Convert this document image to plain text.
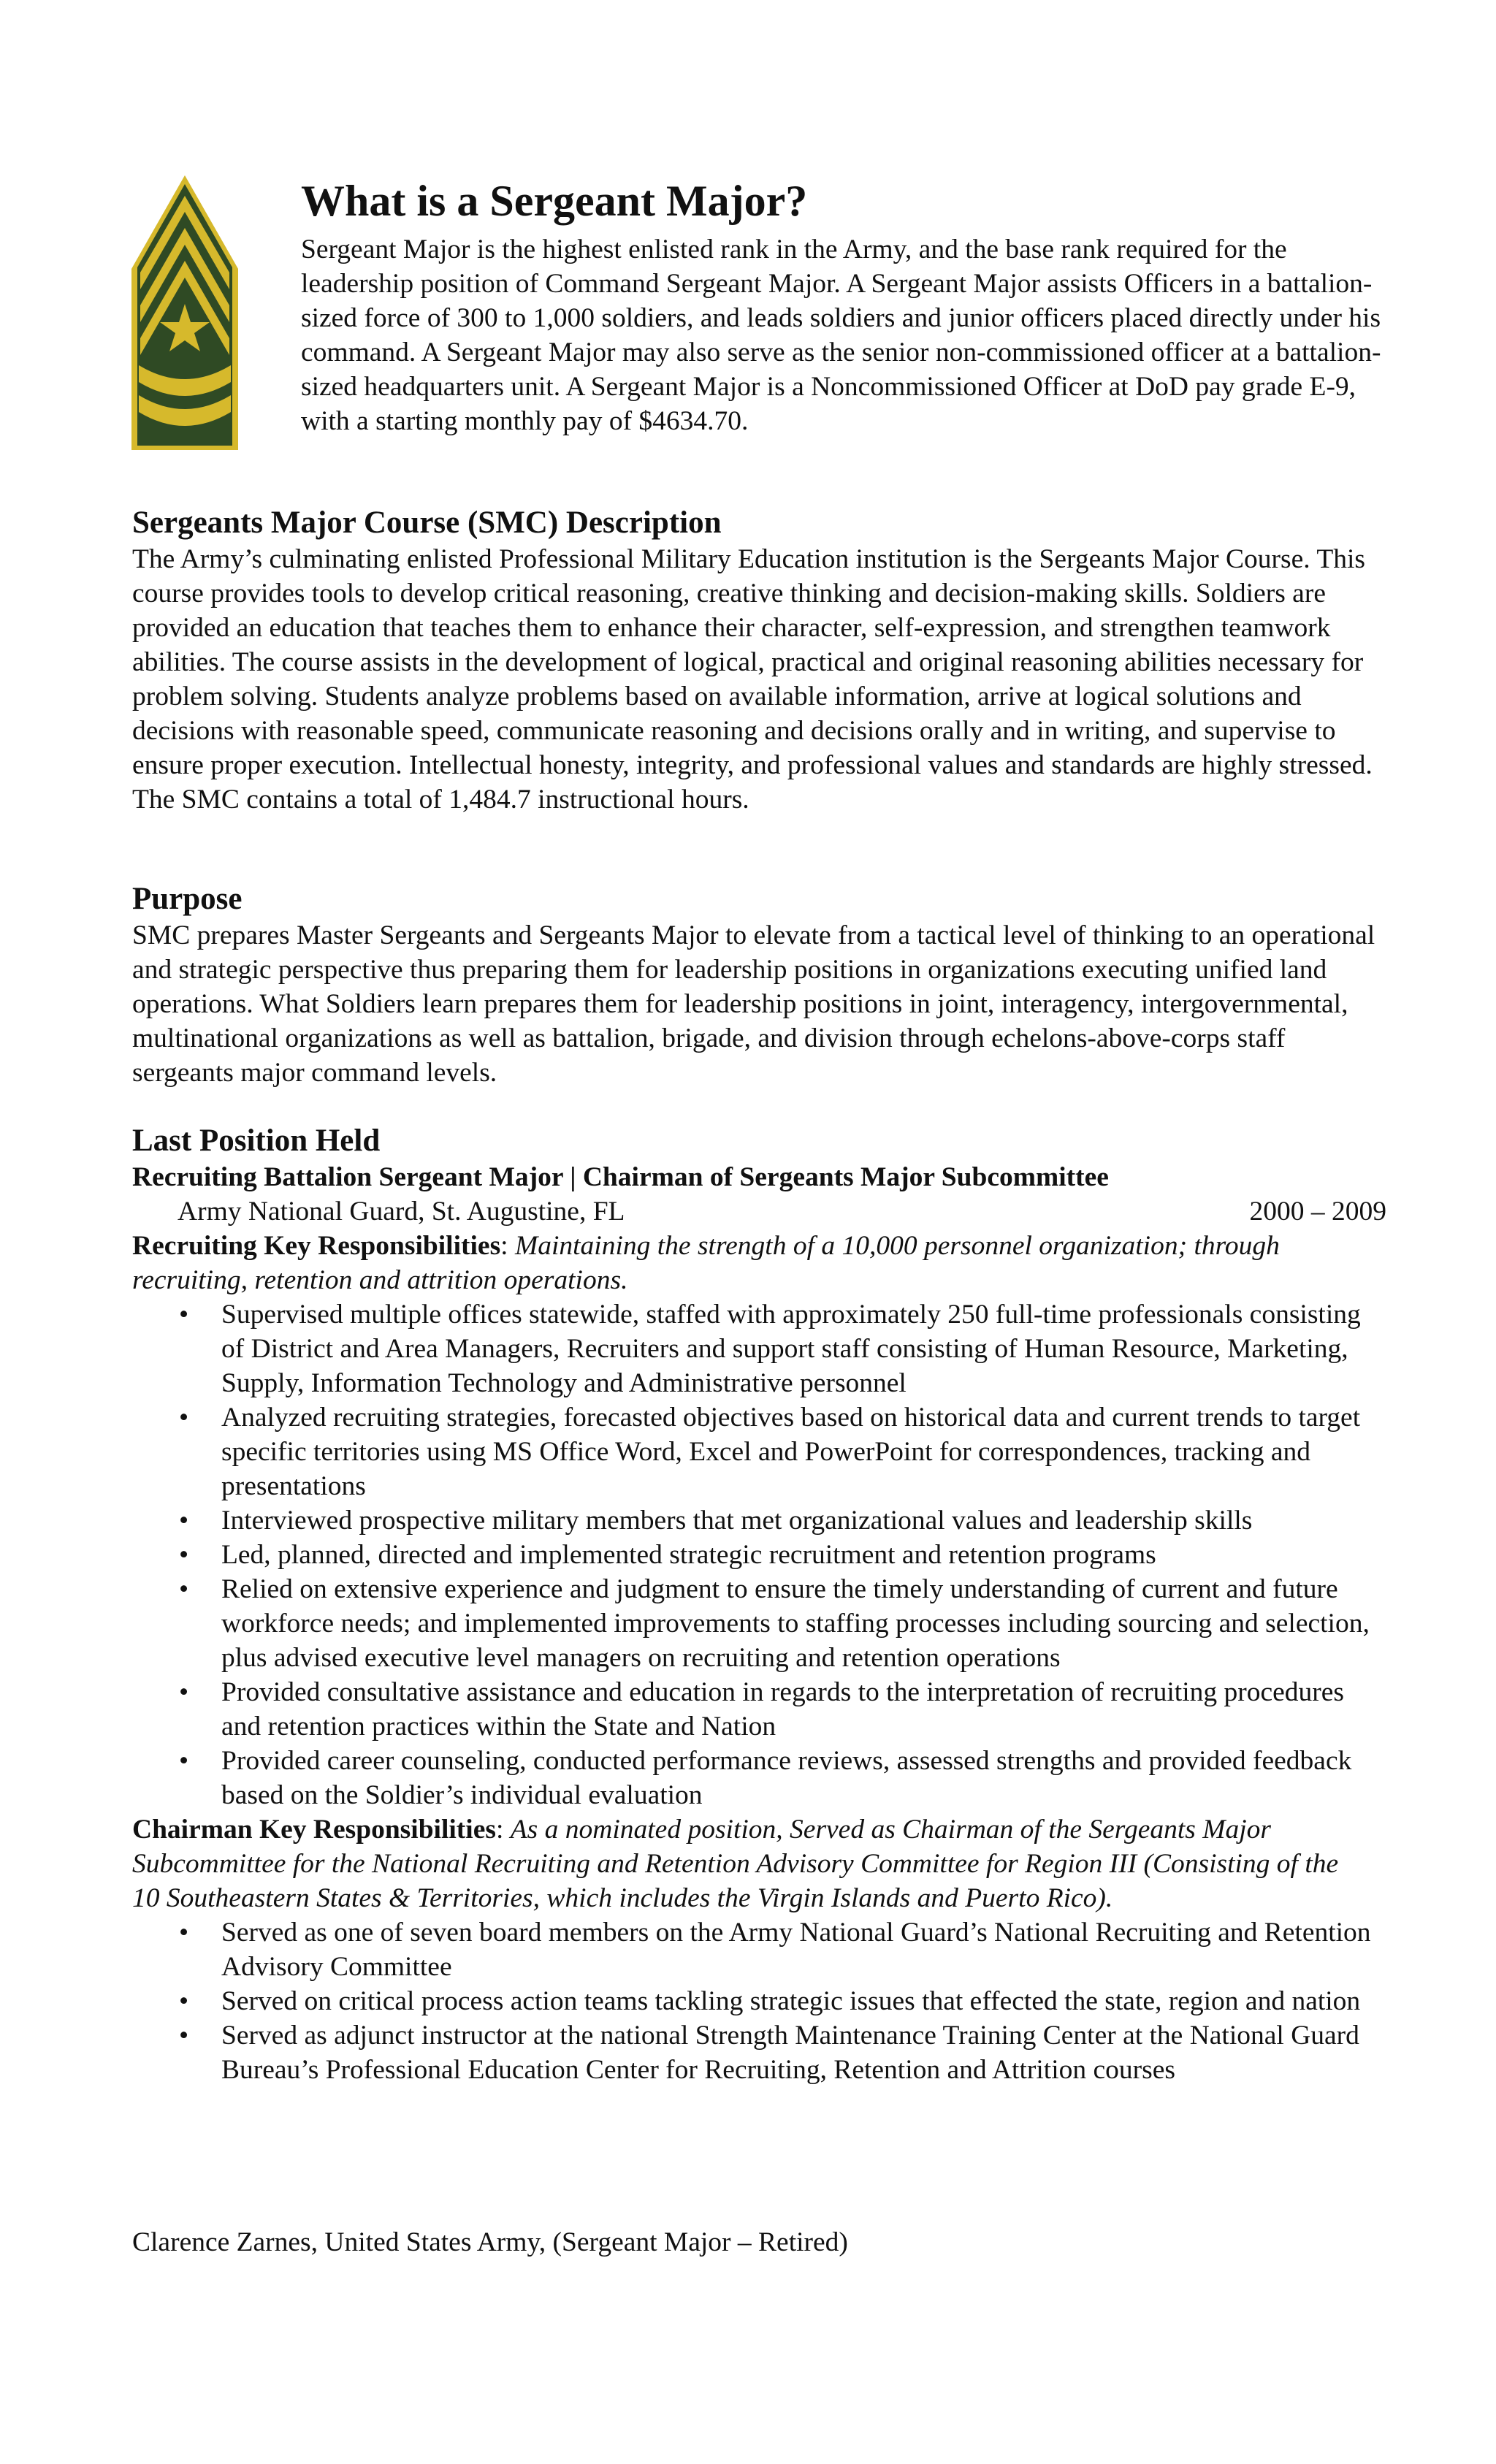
What is a Sergeant Major?

Sergeant Major is the highest enlisted rank in the Army, and the base rank required for the leadership position of Command Sergeant Major. A Sergeant Major assists Officers in a battalion-sized force of 300 to 1,000 soldiers, and leads soldiers and junior officers placed directly under his command. A Sergeant Major may also serve as the senior non-commissioned officer at a battalion-sized headquarters unit. A Sergeant Major is a Noncommissioned Officer at DoD pay grade E-9, with a starting monthly pay of $4634.70.

Sergeants Major Course (SMC) Description

The Army’s culminating enlisted Professional Military Education institution is the Sergeants Major Course. This course provides tools to develop critical reasoning, creative thinking and decision-making skills. Soldiers are provided an education that teaches them to enhance their character, self-expression, and strengthen teamwork abilities. The course assists in the development of logical, practical and original reasoning abilities necessary for problem solving. Students analyze problems based on available information, arrive at logical solutions and decisions with reasonable speed, communicate reasoning and decisions orally and in writing, and supervise to ensure proper execution. Intellectual honesty, integrity, and professional values and standards are highly stressed. The SMC contains a total of 1,484.7 instructional hours.

Purpose

SMC prepares Master Sergeants and Sergeants Major to elevate from a tactical level of thinking to an operational and strategic perspective thus preparing them for leadership positions in organizations executing unified land operations. What Soldiers learn prepares them for leadership positions in joint, interagency, intergovernmental, multinational organizations as well as battalion, brigade, and division through echelons-above-corps staff sergeants major command levels.

Last Position Held

Recruiting Battalion Sergeant Major | Chairman of Sergeants Major Subcommittee

Army National Guard, St. Augustine, FL	2000 – 2009

Recruiting Key Responsibilities: Maintaining the strength of a 10,000 personnel organization; through recruiting, retention and attrition operations.

• Supervised multiple offices statewide, staffed with approximately 250 full-time professionals consisting of District and Area Managers, Recruiters and support staff consisting of Human Resource, Marketing, Supply, Information Technology and Administrative personnel
• Analyzed recruiting strategies, forecasted objectives based on historical data and current trends to target specific territories using MS Office Word, Excel and PowerPoint for correspondences, tracking and presentations
• Interviewed prospective military members that met organizational values and leadership skills
• Led, planned, directed and implemented strategic recruitment and retention programs
• Relied on extensive experience and judgment to ensure the timely understanding of current and future workforce needs; and implemented improvements to staffing processes including sourcing and selection, plus advised executive level managers on recruiting and retention operations
• Provided consultative assistance and education in regards to the interpretation of recruiting procedures and retention practices within the State and Nation
• Provided career counseling, conducted performance reviews, assessed strengths and provided feedback based on the Soldier’s individual evaluation

Chairman Key Responsibilities: As a nominated position, Served as Chairman of the Sergeants Major Subcommittee for the National Recruiting and Retention Advisory Committee for Region III (Consisting of the 10 Southeastern States & Territories, which includes the Virgin Islands and Puerto Rico).

• Served as one of seven board members on the Army National Guard’s National Recruiting and Retention Advisory Committee
• Served on critical process action teams tackling strategic issues that effected the state, region and nation
• Served as adjunct instructor at the national Strength Maintenance Training Center at the National Guard Bureau’s Professional Education Center for Recruiting, Retention and Attrition courses
Clarence Zarnes, United States Army, (Sergeant Major – Retired)
